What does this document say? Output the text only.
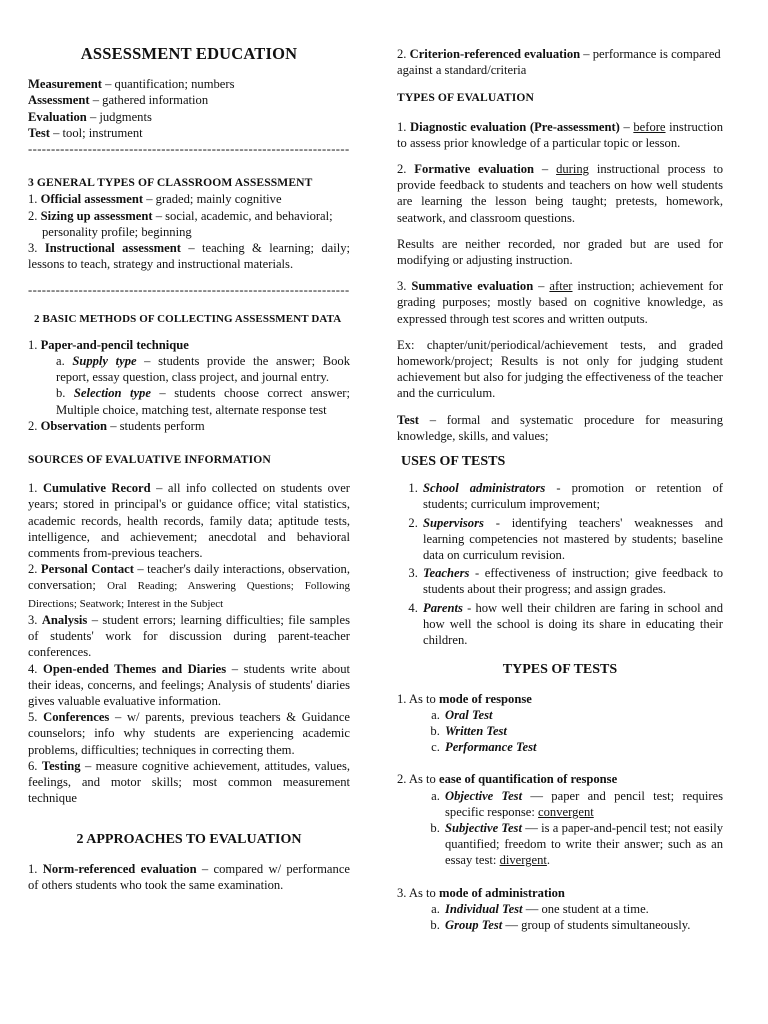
ASSESSMENT EDUCATION

Measurement – quantification; numbers

Assessment – gathered information

Evaluation – judgments

Test – tool; instrument

----------------------------------------------------------------------

3 GENERAL TYPES OF CLASSROOM ASSESSMENT

1. Official assessment – graded; mainly cognitive

2. Sizing up assessment – social, academic, and behavioral; personality profile; beginning

3. Instructional assessment – teaching & learning; daily; lessons to teach, strategy and instructional materials.

----------------------------------------------------------------------

2 BASIC METHODS OF COLLECTING ASSESSMENT DATA

1. Paper-and-pencil technique

a. Supply type – students provide the answer; Book report, essay question, class project, and journal entry.

b. Selection type – students choose correct answer; Multiple choice, matching test, alternate response test

2. Observation – students perform

SOURCES OF EVALUATIVE INFORMATION

1. Cumulative Record – all info collected on students over years; stored in principal's or guidance office; vital statistics, academic records, health records, family data; aptitude tests, intelligence, and achievement; anecdotal and behavioral comments from-previous teachers.

2. Personal Contact – teacher's daily interactions, observation, conversation; Oral Reading; Answering Questions; Following Directions; Seatwork; Interest in the Subject

3. Analysis – student errors; learning difficulties; file samples of students' work for discussion during parent-teacher conferences.

4. Open-ended Themes and Diaries – students write about their ideas, concerns, and feelings; Analysis of students' diaries gives valuable evaluative information.

5. Conferences – w/ parents, previous teachers & Guidance counselors; info why students are experiencing academic problems, difficulties; techniques in correcting them.

6. Testing – measure cognitive achievement, attitudes, values, feelings, and motor skills; most common measurement technique

2 APPROACHES TO EVALUATION

1. Norm-referenced evaluation – compared w/ performance of others students who took the same examination.

2. Criterion-referenced evaluation – performance is compared against a standard/criteria

TYPES OF EVALUATION

1. Diagnostic evaluation (Pre-assessment) – before instruction to assess prior knowledge of a particular topic or lesson.

2. Formative evaluation – during instructional process to provide feedback to students and teachers on how well students are learning the lesson being taught; pretests, homework, seatwork, and classroom questions.

Results are neither recorded, nor graded but are used for modifying or adjusting instruction.

3. Summative evaluation – after instruction; achievement for grading purposes; mostly based on cognitive knowledge, as expressed through test scores and written outputs.

Ex: chapter/unit/periodical/achievement tests, and graded homework/project; Results is not only for judging student achievement but also for judging the effectiveness of the teacher and the curriculum.

Test – formal and systematic procedure for measuring knowledge, skills, and values;

USES OF TESTS

1. School administrators - promotion or retention of students; curriculum improvement;
2. Supervisors - identifying teachers' weaknesses and learning competencies not mastered by students; baseline data on curriculum revision.
3. Teachers - effectiveness of instruction; give feedback to students about their progress; and assign grades.
4. Parents - how well their children are faring in school and how well the school is doing its share in educating their children.

TYPES OF TESTS

1. As to mode of response

a. Oral Test
b. Written Test
c. Performance Test

2. As to ease of quantification of response

a. Objective Test — paper and pencil test; requires specific response: convergent
b. Subjective Test — is a paper-and-pencil test; not easily quantified; freedom to write their answer; such as an essay test: divergent.

3. As to mode of administration

a. Individual Test — one student at a time.
b. Group Test — group of students simultaneously.
